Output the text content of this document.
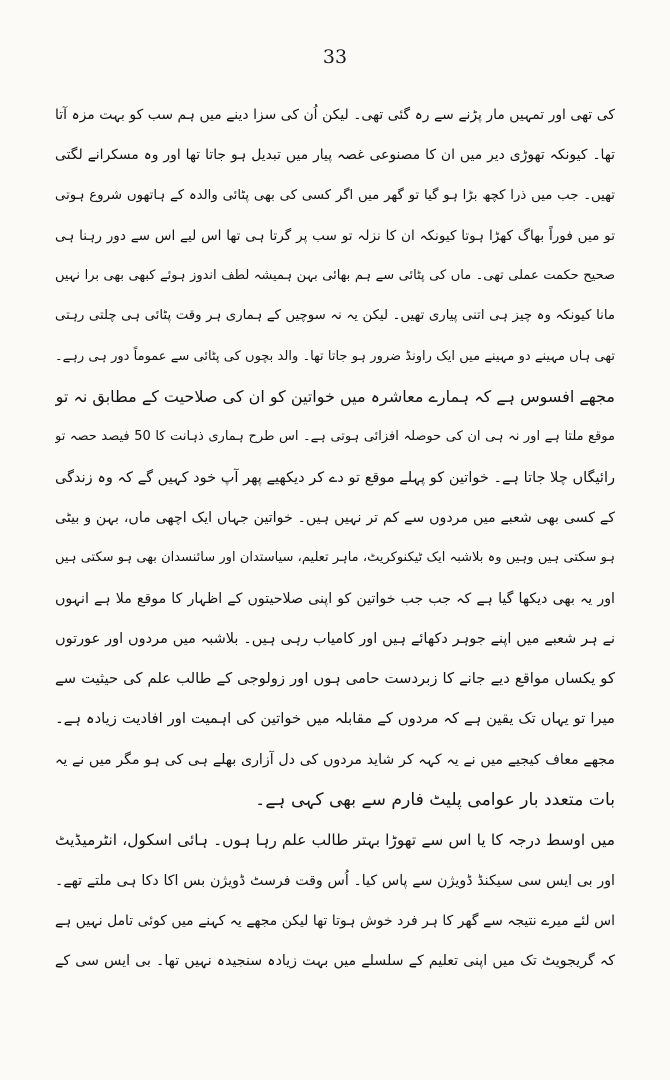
33
کی تھی اور تمہیں مار پڑنے سے رہ گئی تھی۔ لیکن اُن کی سزا دینے میں ہم سب کو بہت مزہ آتا
تھا۔ کیونکہ تھوڑی دیر میں ان کا مصنوعی غصہ پیار میں تبدیل ہو جاتا تھا اور وہ مسکرانے لگتی
تھیں۔ جب میں ذرا کچھ بڑا ہو گیا تو گھر میں اگر کسی کی بھی پٹائی والدہ کے ہاتھوں شروع ہوتی
تو میں فوراً بھاگ کھڑا ہوتا کیونکہ ان کا نزلہ تو سب پر گرتا ہی تھا اس لیے اس سے دور رہنا ہی
صحیح حکمت عملی تھی۔ ماں کی پٹائی سے ہم بھائی بہن ہمیشہ لطف اندوز ہوئے کبھی بھی برا نہیں
مانا کیونکہ وہ چیز ہی اتنی پیاری تھیں۔ لیکن یہ نہ سوچیں کے ہماری ہر وقت پٹائی ہی چلتی رہتی
تھی ہاں مہینے دو مہینے میں ایک راونڈ ضرور ہو جاتا تھا۔ والد بچوں کی پٹائی سے عموماً دور ہی رہے۔
مجھے افسوس ہے کہ ہمارے معاشرہ میں خواتین کو ان کی صلاحیت کے مطابق نہ تو
موقع ملتا ہے اور نہ ہی ان کی حوصلہ افزائی ہوتی ہے۔ اس طرح ہماری ذہانت کا 50 فیصد حصہ تو
رائیگاں چلا جاتا ہے۔ خواتین کو پہلے موقع تو دے کر دیکھیے پھر آپ خود کہیں گے کہ وہ زندگی
کے کسی بھی شعبے میں مردوں سے کم تر نہیں ہیں۔ خواتین جہاں ایک اچھی ماں، بہن و بیٹی
ہو سکتی ہیں وہیں وہ بلاشبہ ایک ٹیکنوکریٹ، ماہر تعلیم، سیاستدان اور سائنسدان بھی ہو سکتی ہیں
اور یہ بھی دیکھا گیا ہے کہ جب جب خواتین کو اپنی صلاحیتوں کے اظہار کا موقع ملا ہے انہوں
نے ہر شعبے میں اپنے جوہر دکھائے ہیں اور کامیاب رہی ہیں۔ بلاشبہ میں مردوں اور عورتوں
کو یکساں مواقع دیے جانے کا زبردست حامی ہوں اور زولوجی کے طالب علم کی حیثیت سے
میرا تو یہاں تک یقین ہے کہ مردوں کے مقابلہ میں خواتین کی اہمیت اور افادیت زیادہ ہے۔
مجھے معاف کیجیے میں نے یہ کہہ کر شاید مردوں کی دل آزاری بھلے ہی کی ہو مگر میں نے یہ
بات متعدد بار عوامی پلیٹ فارم سے بھی کہی ہے۔
میں اوسط درجہ کا یا اس سے تھوڑا بہتر طالب علم رہا ہوں۔ ہائی اسکول، انٹرمیڈیٹ
اور بی ایس سی سیکنڈ ڈویژن سے پاس کیا۔ اُس وقت فرسٹ ڈویژن بس اکا دکا ہی ملتے تھے۔
اس لئے میرے نتیجہ سے گھر کا ہر فرد خوش ہوتا تھا لیکن مجھے یہ کہنے میں کوئی تامل نہیں ہے
کہ گریجویٹ تک میں اپنی تعلیم کے سلسلے میں بہت زیادہ سنجیدہ نہیں تھا۔ بی ایس سی کے
